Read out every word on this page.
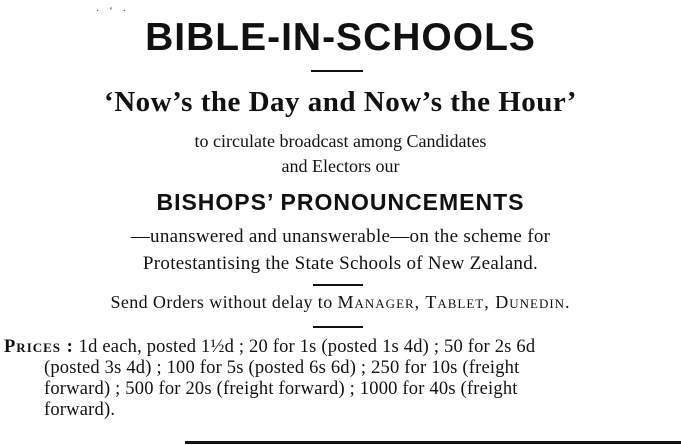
·‘·
BIBLE-IN-SCHOOLS
‘Now’s the Day and Now’s the Hour’
to circulate broadcast among Candidates
and Electors our
BISHOPS’ PRONOUNCEMENTS
—unanswered and unanswerable—on the scheme for
Protestantising the State Schools of New Zealand.
Send Orders without delay to Manager, Tablet, Dunedin.
Prices : 1d each, posted 1½d ; 20 for 1s (posted 1s 4d) ; 50 for 2s 6d
(posted 3s 4d) ; 100 for 5s (posted 6s 6d) ; 250 for 10s (freight
forward) ; 500 for 20s (freight forward) ; 1000 for 40s (freight
forward).
